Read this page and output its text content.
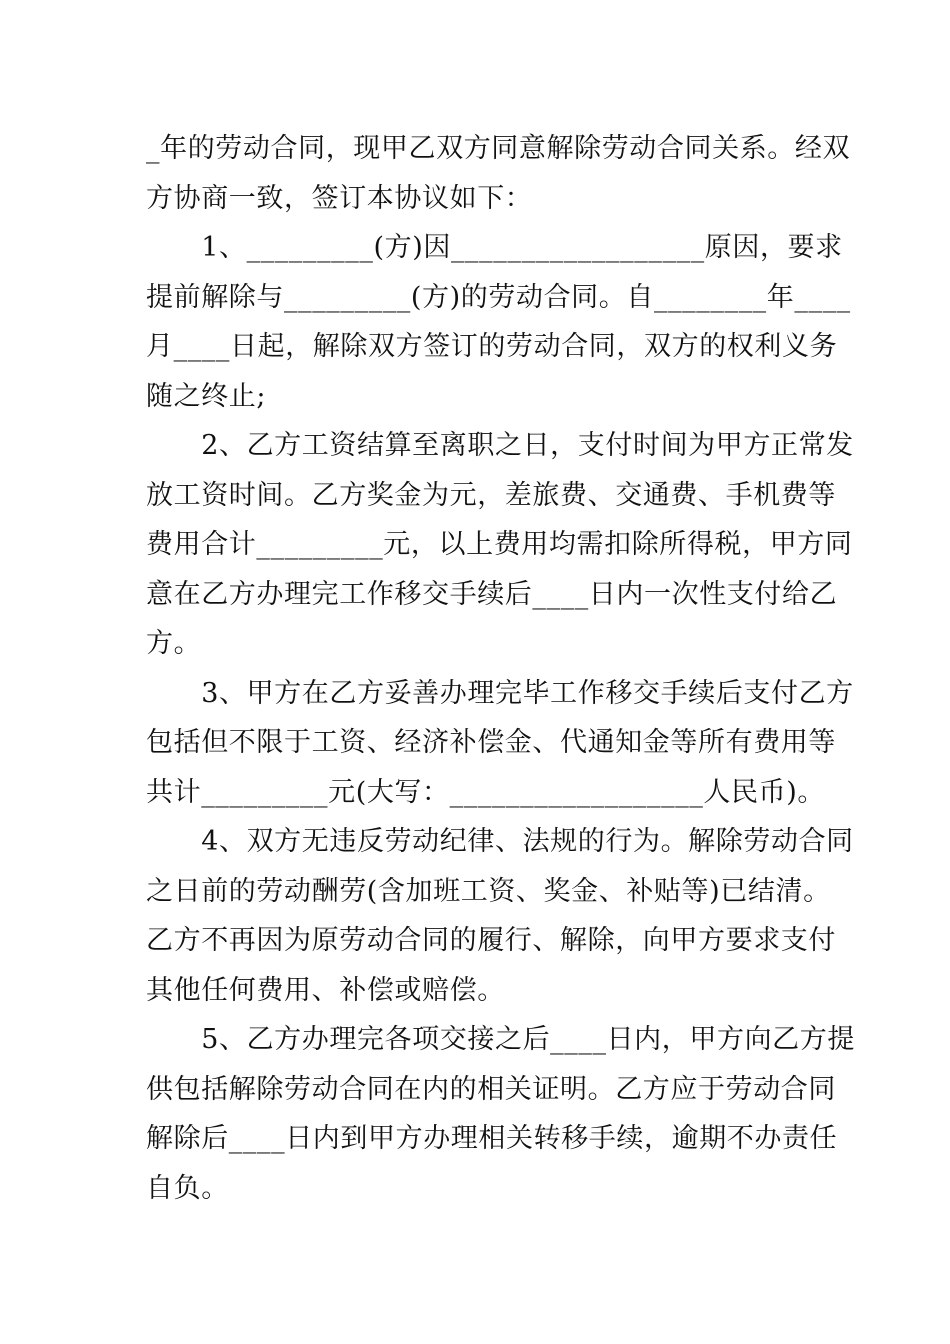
_年的劳动合同，现甲乙双方同意解除劳动合同关系。经双
方协商一致，签订本协议如下：
　　1、_________(方)因__________________原因，要求
提前解除与_________(方)的劳动合同。自________年____
月____日起，解除双方签订的劳动合同，双方的权利义务
随之终止;
　　2、乙方工资结算至离职之日，支付时间为甲方正常发
放工资时间。乙方奖金为元，差旅费、交通费、手机费等
费用合计_________元，以上费用均需扣除所得税，甲方同
意在乙方办理完工作移交手续后____日内一次性支付给乙
方。
　　3、甲方在乙方妥善办理完毕工作移交手续后支付乙方
包括但不限于工资、经济补偿金、代通知金等所有费用等
共计_________元(大写：__________________人民币)。
　　4、双方无违反劳动纪律、法规的行为。解除劳动合同
之日前的劳动酬劳(含加班工资、奖金、补贴等)已结清。
乙方不再因为原劳动合同的履行、解除，向甲方要求支付
其他任何费用、补偿或赔偿。
　　5、乙方办理完各项交接之后____日内，甲方向乙方提
供包括解除劳动合同在内的相关证明。乙方应于劳动合同
解除后____日内到甲方办理相关转移手续，逾期不办责任
自负。
